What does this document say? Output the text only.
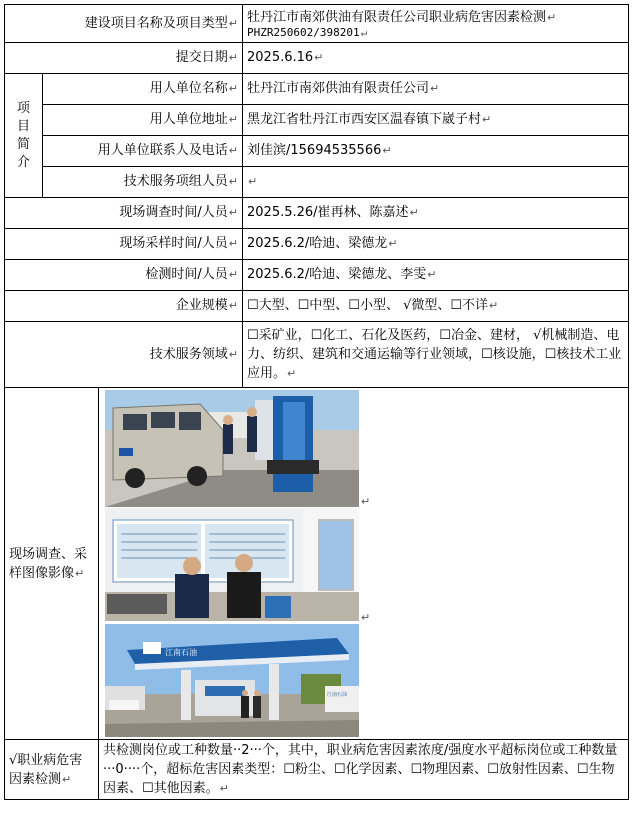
建设项目名称及项目类型↵			牡丹江市南郊供油有限责任公司职业病危害因素检测↵
PHZR250602/398201↵

提交日期↵			2025.6.16↵

项
目
简
介	用人单位名称↵		牡丹江市南郊供油有限责任公司↵
	用人单位地址↵		黑龙江省牡丹江市西安区温春镇下崴子村↵
	用人单位联系人及电话↵		刘佳滨/15694535566↵
	技术服务项组人员↵		↵
现场调查时间/人员↵			2025.5.26/崔再林、陈嘉述↵
现场采样时间/人员↵			2025.6.2/哈迪、梁德龙↵
检测时间/人员↵			2025.6.2/哈迪、梁德龙、李雯↵
企业规模↵			☐大型、☐中型、☐小型、 √微型、☐不详↵
技术服务领域↵			☐采矿业，☐化工、石化及医药，☐冶金、建材， √机械制造、电力、纺织、建筑和交通运输等行业领域，☐核设施，☐核技术工业应用。↵
现场调查、采样图像影像↵		↵
↵
江南石油
江南石油	

√职业病危害因素检测↵		共检测岗位或工种数量··2···个，其中，职业病危害因素浓度/强度水平超标岗位或工种数量···0····个，超标危害因素类型：☐粉尘、☐化学因素、☐物理因素、☐放射性因素、☐生物因素、☐其他因素。↵	
